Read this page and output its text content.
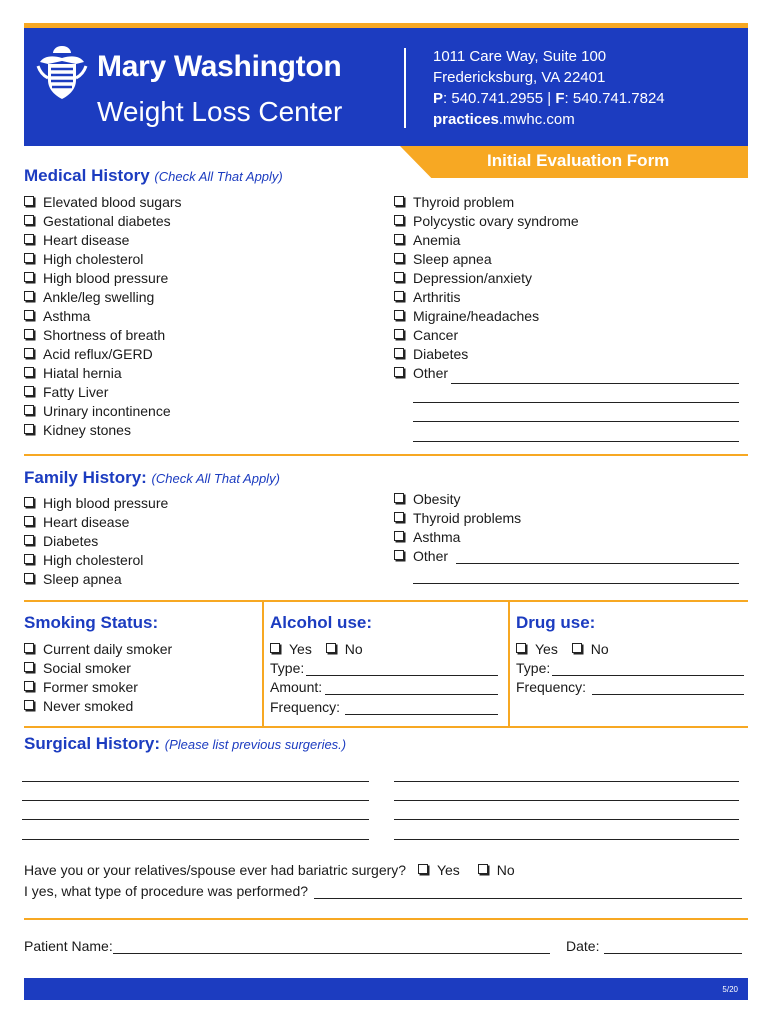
Mary Washington
Weight Loss Center
1011 Care Way, Suite 100
Fredericksburg, VA 22401
P: 540.741.2955 | F: 540.741.7824
practices.mwhc.com
Initial Evaluation Form
Medical History (Check All That Apply)
Elevated blood sugars
Gestational diabetes
Heart disease
High cholesterol
High blood pressure
Ankle/leg swelling
Asthma
Shortness of breath
Acid reflux/GERD
Hiatal hernia
Fatty Liver
Urinary incontinence
Kidney stones
Thyroid problem
Polycystic ovary syndrome
Anemia
Sleep apnea
Depression/anxiety
Arthritis
Migraine/headaches
Cancer
Diabetes
Other
Family History: (Check All That Apply)
High blood pressure
Heart disease
Diabetes
High cholesterol
Sleep apnea
Obesity
Thyroid problems
Asthma
Other
Smoking Status:
Current daily smoker
Social smoker
Former smoker
Never smoked
Alcohol use:
Yes No
Type:
Amount:
Frequency:
Drug use:
Yes No
Type:
Frequency:
Surgical History: (Please list previous surgeries.)
Have you or your relatives/spouse ever had bariatric surgery? Yes	No
I yes, what type of procedure was performed?
Patient Name:	Date:
5/20
